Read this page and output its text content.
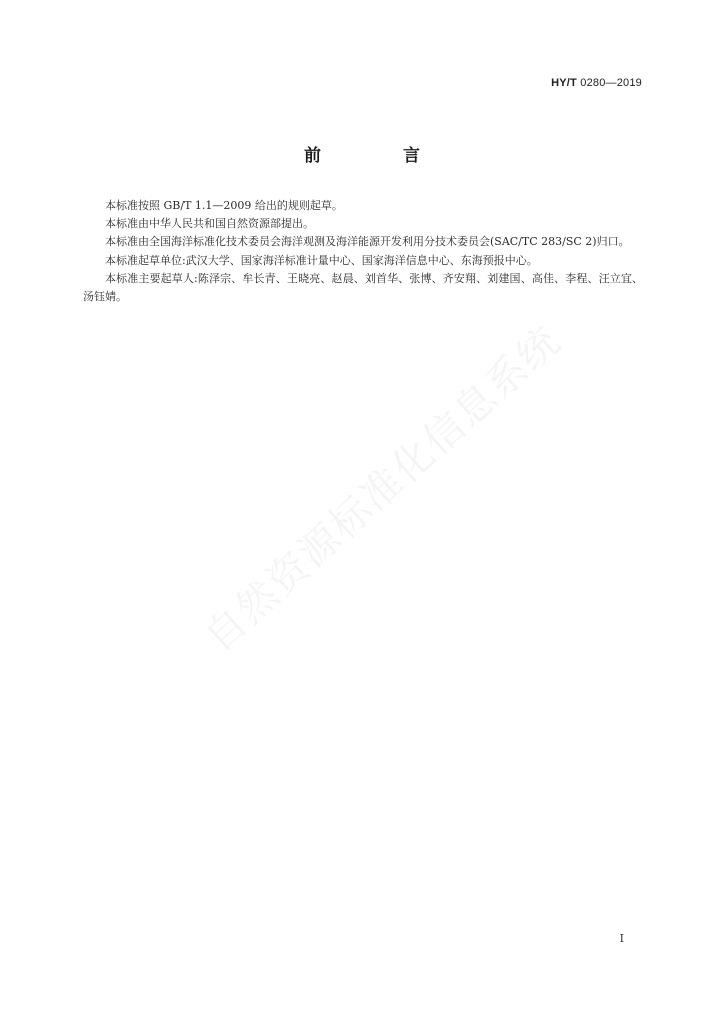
HY/T 0280—2019
前 言

本标准按照 GB/T 1.1—2009 给出的规则起草。

本标准由中华人民共和国自然资源部提出。

本标准由全国海洋标准化技术委员会海洋观测及海洋能源开发利用分技术委员会(SAC/TC 283/SC 2)归口。

本标准起草单位:武汉大学、国家海洋标准计量中心、国家海洋信息中心、东海预报中心。

本标准主要起草人:陈泽宗、牟长青、王晓亮、赵晨、刘首华、张博、齐安翔、刘建国、高佳、李程、汪立宜、汤钰婧。

自然资源标准化信息系统
I
